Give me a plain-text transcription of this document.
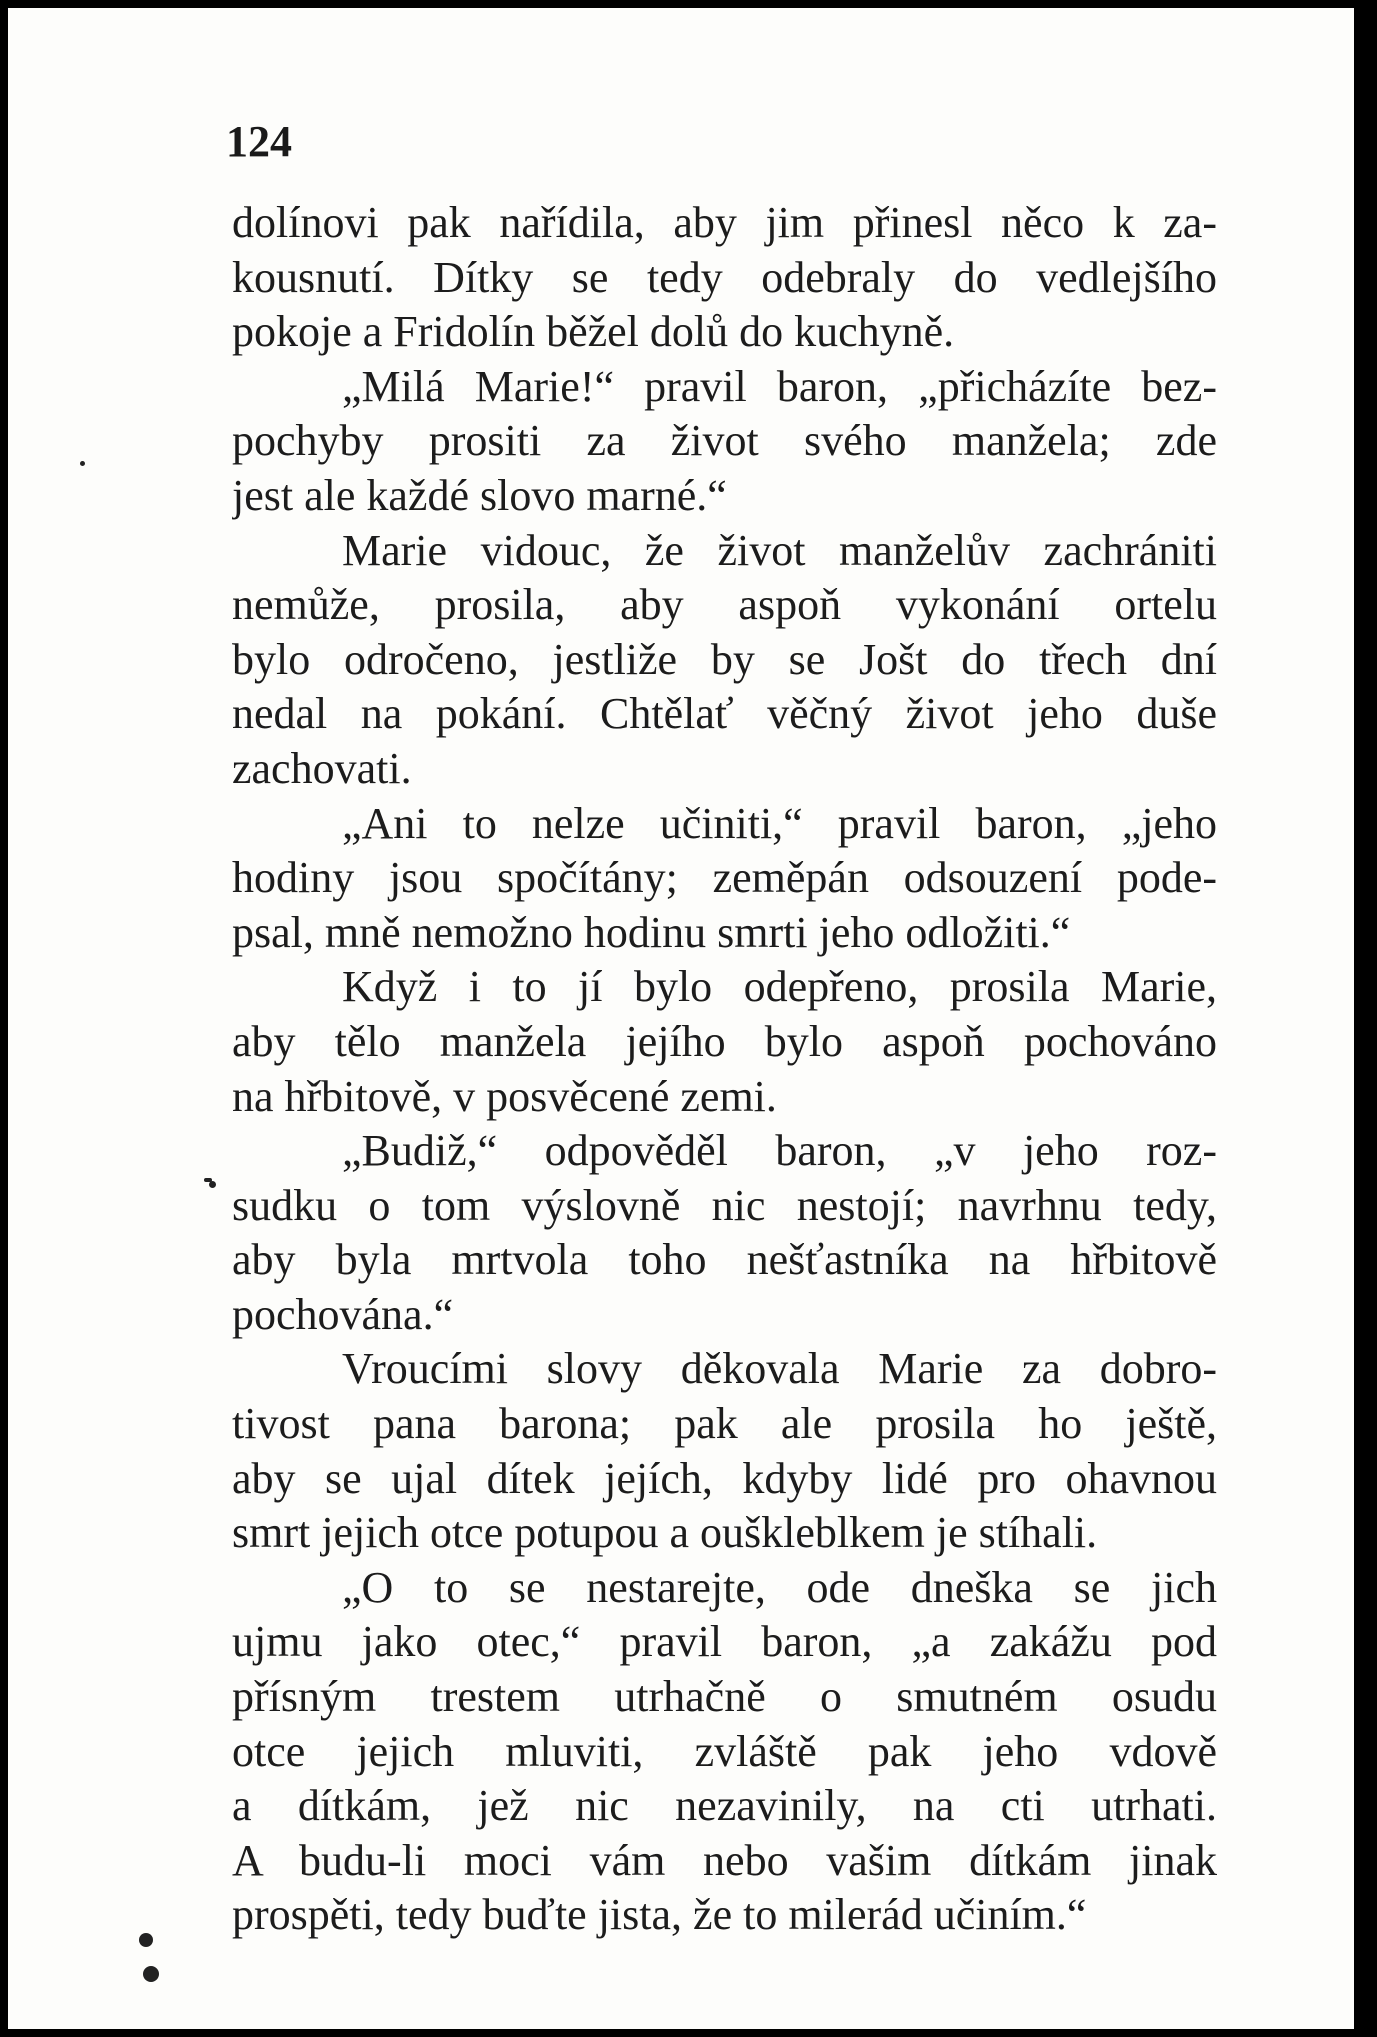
124

dolínovi pak nařídila, aby jim přinesl něco k za-
kousnutí. Dítky se tedy odebraly do vedlejšího
pokoje a Fridolín běžel dolů do kuchyně.
„Milá Marie!“ pravil baron, „přicházíte bez-
pochyby prositi za život svého manžela; zde
jest ale každé slovo marné.“
Marie vidouc, že život manželův zachrániti
nemůže, prosila, aby aspoň vykonání ortelu
bylo odročeno, jestliže by se Jošt do třech dní
nedal na pokání. Chtělať věčný život jeho duše
zachovati.
„Ani to nelze učiniti,“ pravil baron, „jeho
hodiny jsou spočítány; zeměpán odsouzení pode-
psal, mně nemožno hodinu smrti jeho odložiti.“
Když i to jí bylo odepřeno, prosila Marie,
aby tělo manžela jejího bylo aspoň pochováno
na hřbitově, v posvěcené zemi.
„Budiž,“ odpověděl baron, „v jeho roz-
sudku o tom výslovně nic nestojí; navrhnu tedy,
aby byla mrtvola toho nešťastníka na hřbitově
pochována.“
Vroucími slovy děkovala Marie za dobro-
tivost pana barona; pak ale prosila ho ještě,
aby se ujal dítek jejích, kdyby lidé pro ohavnou
smrt jejich otce potupou a ouškleblkem je stíhali.
„O to se nestarejte, ode dneška se jich
ujmu jako otec,“ pravil baron, „a zakážu pod
přísným trestem utrhačně o smutném osudu
otce jejich mluviti, zvláště pak jeho vdově
a dítkám, jež nic nezavinily, na cti utrhati.
A budu-li moci vám nebo vašim dítkám jinak
prospěti, tedy buďte jista, že to milerád učiním.“
